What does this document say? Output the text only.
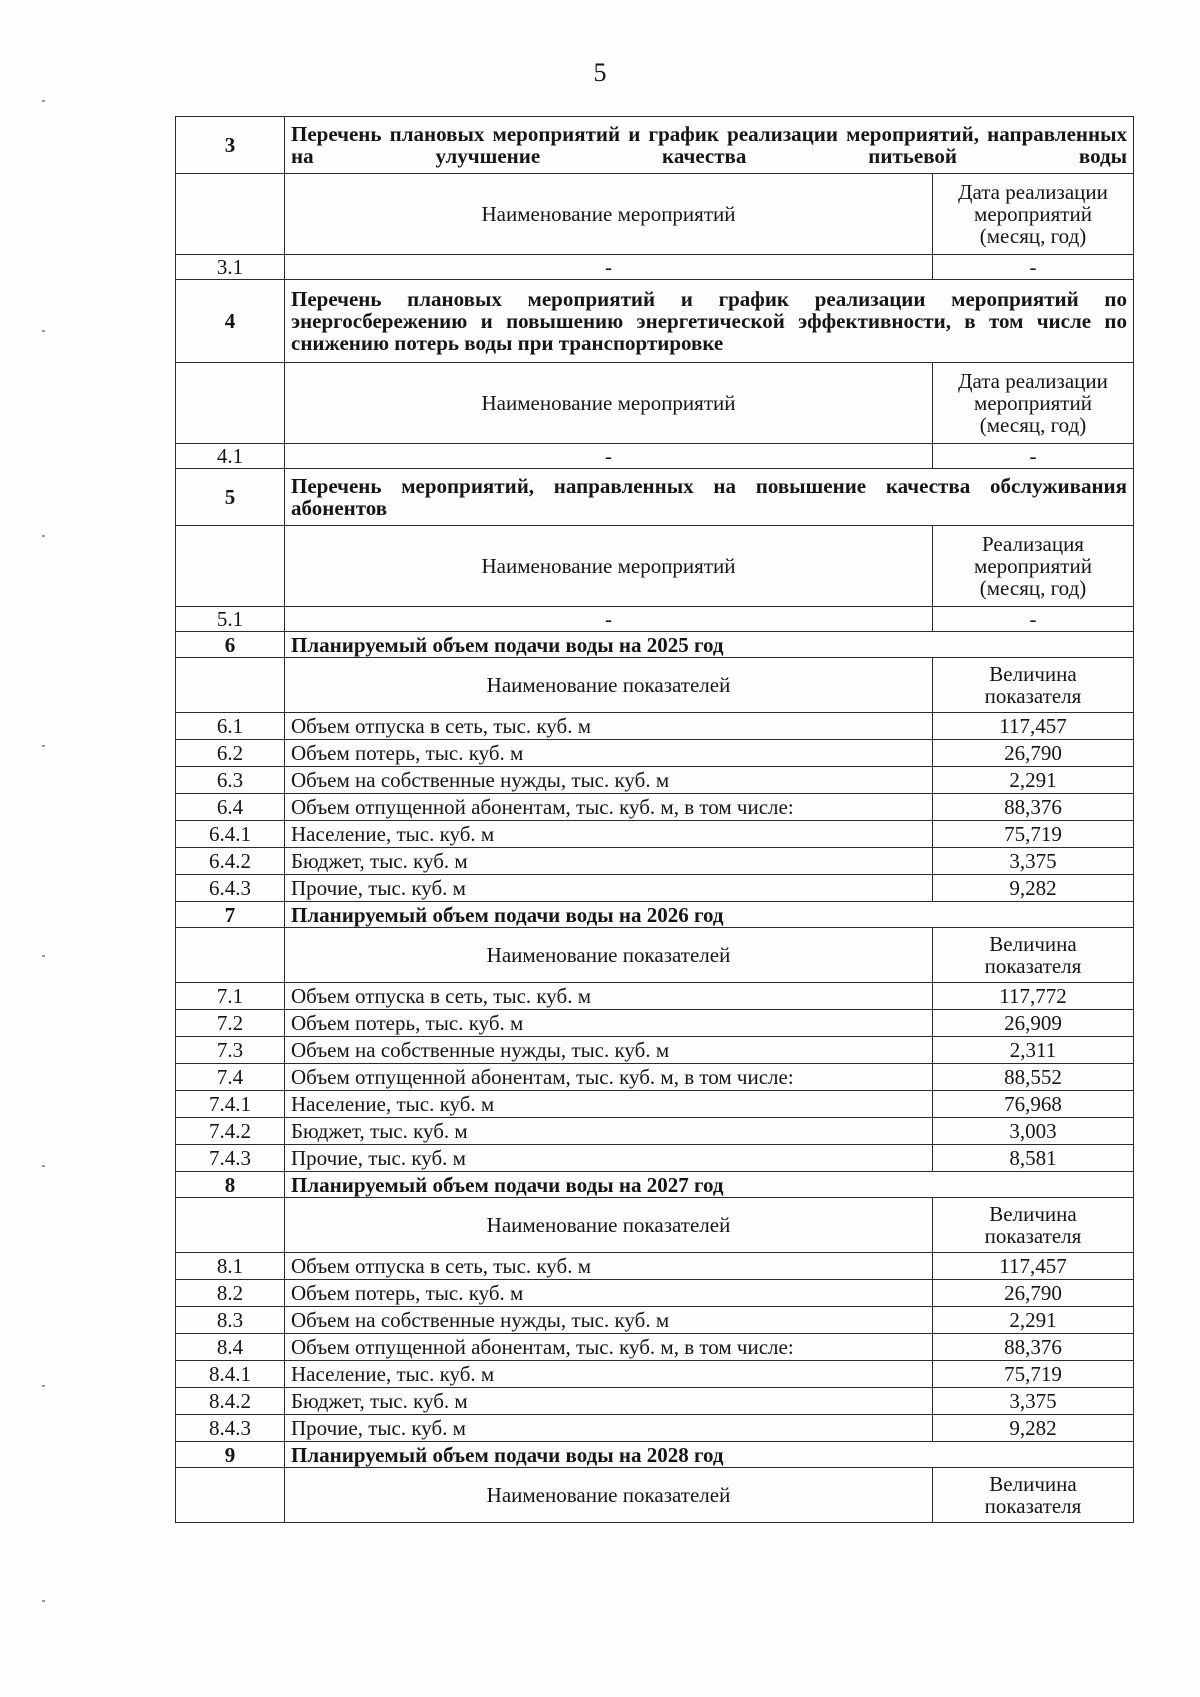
5
3	Перечень плановых мероприятий и график реализации мероприятий, направленных на улучшение качества питьевой воды	
	Наименование мероприятий	Дата реализации мероприятий (месяц, год)
3.1	-	-
4	Перечень плановых мероприятий и график реализации мероприятий по энергосбережению и повышению энергетической эффективности, в том числе по снижению потерь воды при транспортировке	
	Наименование мероприятий	Дата реализации мероприятий (месяц, год)
4.1	-	-
5	Перечень мероприятий, направленных на повышение качества обслуживания абонентов	
	Наименование мероприятий	Реализация мероприятий (месяц, год)
5.1	-	-
6	Планируемый объем подачи воды на 2025 год	
	Наименование показателей	Величина показателя
6.1	Объем отпуска в сеть, тыс. куб. м	117,457
6.2	Объем потерь, тыс. куб. м	26,790
6.3	Объем на собственные нужды, тыс. куб. м	2,291
6.4	Объем отпущенной абонентам, тыс. куб. м, в том числе:	88,376
6.4.1	Население, тыс. куб. м	75,719
6.4.2	Бюджет, тыс. куб. м	3,375
6.4.3	Прочие, тыс. куб. м	9,282
7	Планируемый объем подачи воды на 2026 год	
	Наименование показателей	Величина показателя
7.1	Объем отпуска в сеть, тыс. куб. м	117,772
7.2	Объем потерь, тыс. куб. м	26,909
7.3	Объем на собственные нужды, тыс. куб. м	2,311
7.4	Объем отпущенной абонентам, тыс. куб. м, в том числе:	88,552
7.4.1	Население, тыс. куб. м	76,968
7.4.2	Бюджет, тыс. куб. м	3,003
7.4.3	Прочие, тыс. куб. м	8,581
8	Планируемый объем подачи воды на 2027 год	
	Наименование показателей	Величина показателя
8.1	Объем отпуска в сеть, тыс. куб. м	117,457
8.2	Объем потерь, тыс. куб. м	26,790
8.3	Объем на собственные нужды, тыс. куб. м	2,291
8.4	Объем отпущенной абонентам, тыс. куб. м, в том числе:	88,376
8.4.1	Население, тыс. куб. м	75,719
8.4.2	Бюджет, тыс. куб. м	3,375
8.4.3	Прочие, тыс. куб. м	9,282
9	Планируемый объем подачи воды на 2028 год	
	Наименование показателей	Величина показателя
